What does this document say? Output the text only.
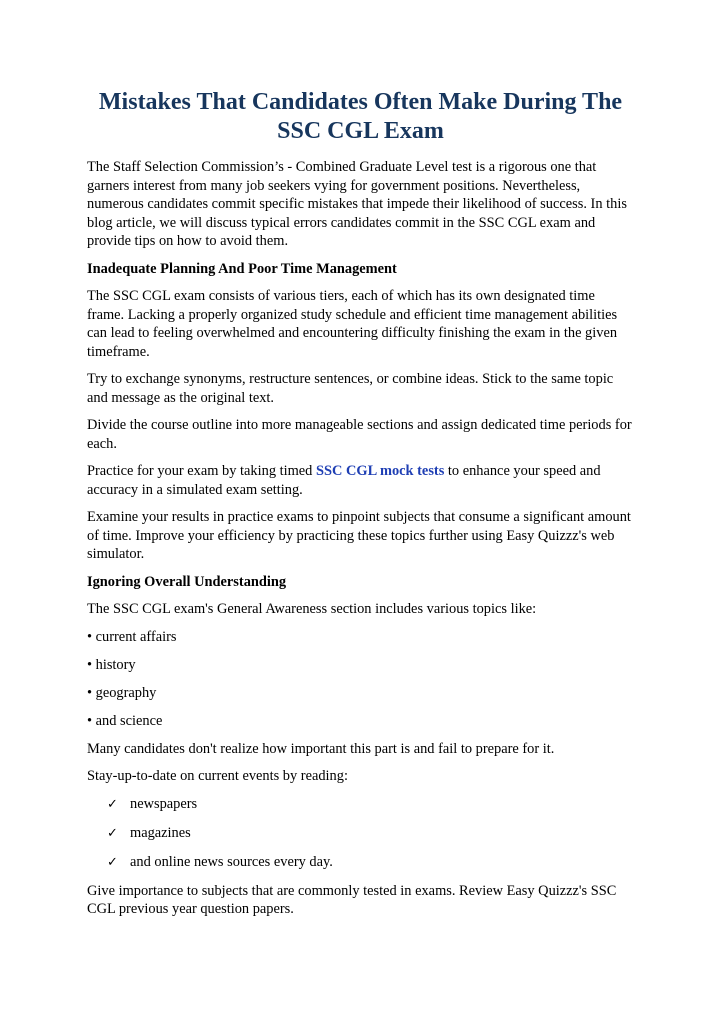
Mistakes That Candidates Often Make During The SSC CGL Exam

The Staff Selection Commission’s - Combined Graduate Level test is a rigorous one that garners interest from many job seekers vying for government positions. Nevertheless, numerous candidates commit specific mistakes that impede their likelihood of success. In this blog article, we will discuss typical errors candidates commit in the SSC CGL exam and provide tips on how to avoid them.

Inadequate Planning And Poor Time Management

The SSC CGL exam consists of various tiers, each of which has its own designated time frame. Lacking a properly organized study schedule and efficient time management abilities can lead to feeling overwhelmed and encountering difficulty finishing the exam in the given timeframe.

Try to exchange synonyms, restructure sentences, or combine ideas. Stick to the same topic and message as the original text.

Divide the course outline into more manageable sections and assign dedicated time periods for each.

Practice for your exam by taking timed SSC CGL mock tests to enhance your speed and accuracy in a simulated exam setting.

Examine your results in practice exams to pinpoint subjects that consume a significant amount of time. Improve your efficiency by practicing these topics further using Easy Quizzz's web simulator.

Ignoring Overall Understanding

The SSC CGL exam's General Awareness section includes various topics like:

• current affairs

• history

• geography

• and science

Many candidates don't realize how important this part is and fail to prepare for it.

Stay-up-to-date on current events by reading:

✓ newspapers
✓ magazines
✓ and online news sources every day.

Give importance to subjects that are commonly tested in exams. Review Easy Quizzz's SSC CGL previous year question papers.
